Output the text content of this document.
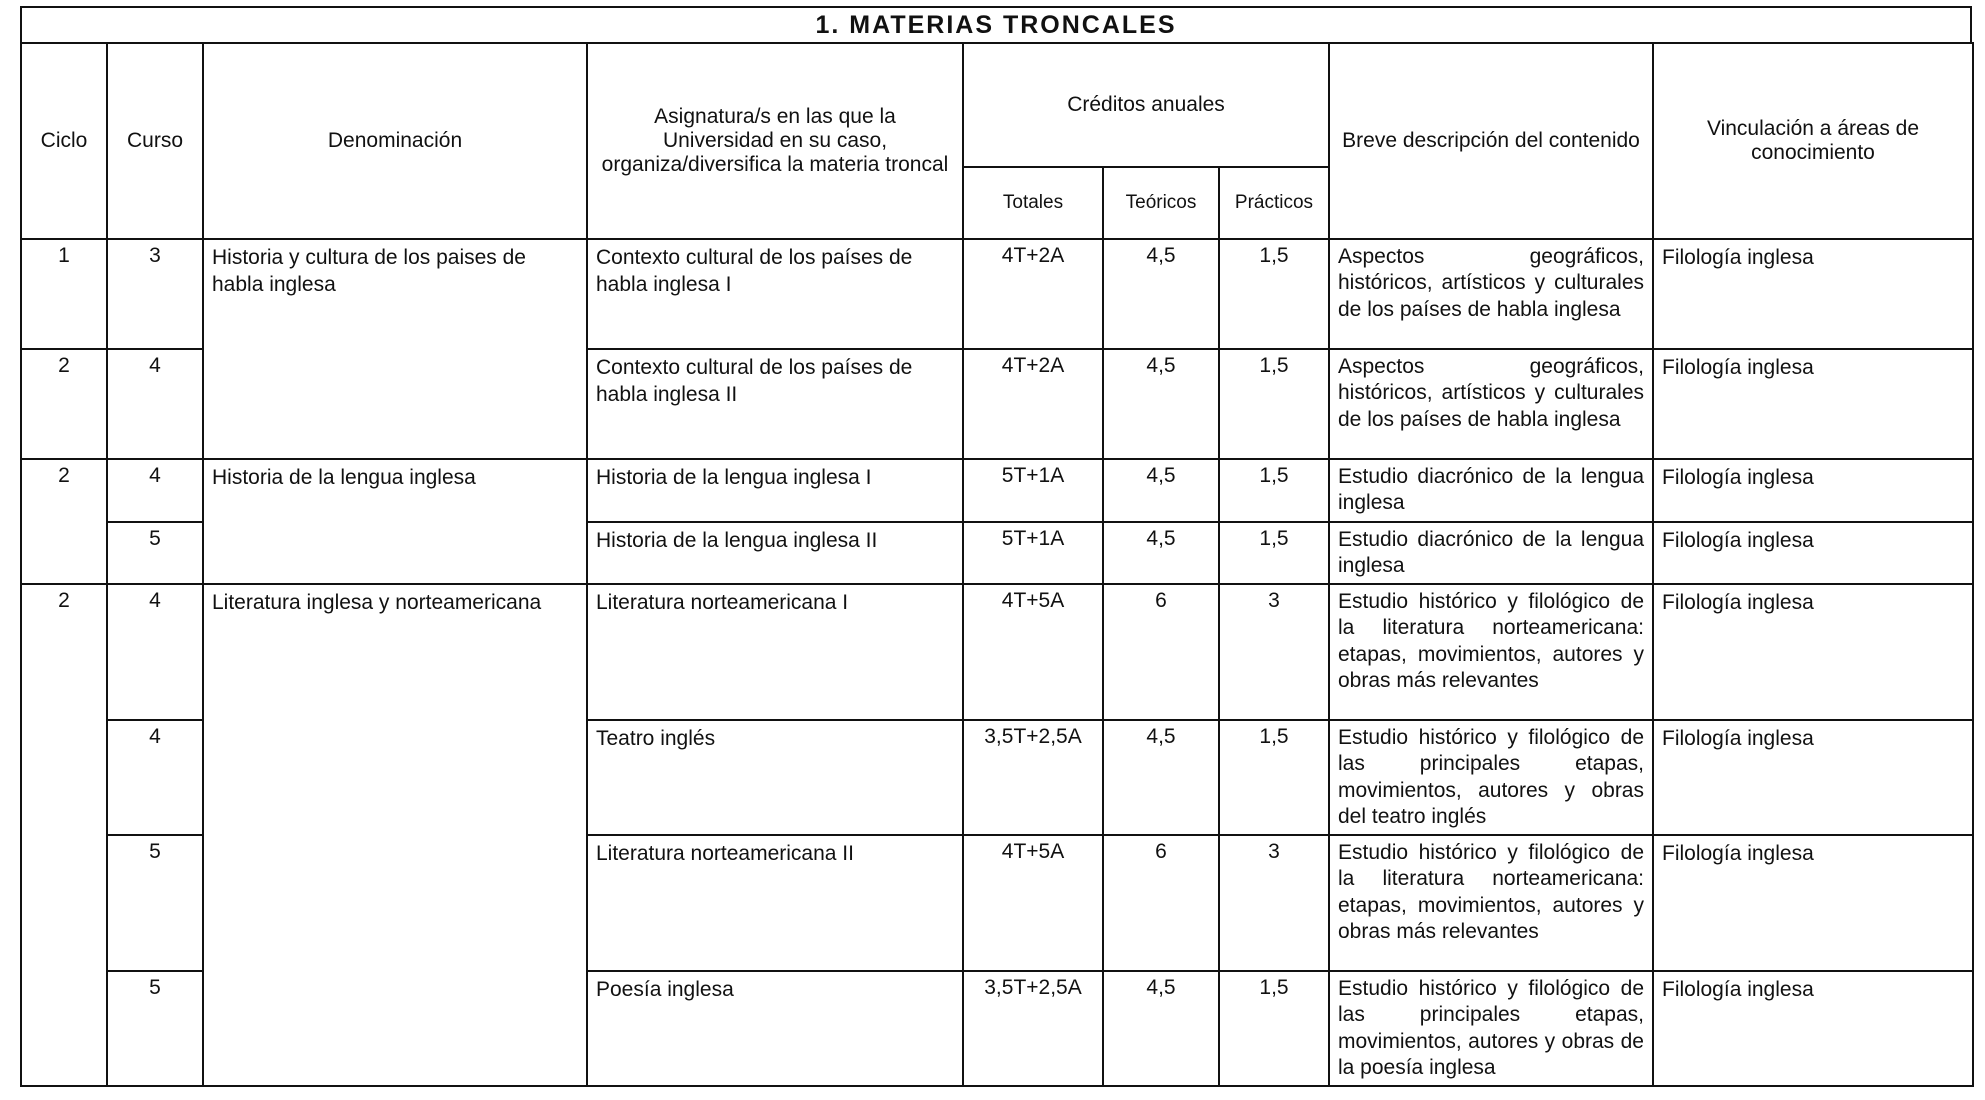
1. MATERIAS TRONCALES
Ciclo	Curso	Denominación	Asignatura/s en las que la Universidad en su caso, organiza/diversifica la materia troncal	Créditos anuales			Breve descripción del contenido	Vinculación a áreas de conocimiento
				Totales	Teóricos	Prácticos		
1	3	Historia y cultura de los paises de habla inglesa	Contexto cultural de los países de habla inglesa I	4T+2A	4,5	1,5	Aspectos geográficos, históricos, artísticos y culturales de los países de habla inglesa	Filología inglesa
2	4		Contexto cultural de los países de habla inglesa II	4T+2A	4,5	1,5	Aspectos geográficos, históricos, artísticos y culturales de los países de habla inglesa	Filología inglesa
2	4	Historia de la lengua inglesa	Historia de la lengua inglesa I	5T+1A	4,5	1,5	Estudio diacrónico de la lengua inglesa	Filología inglesa
	5		Historia de la lengua inglesa II	5T+1A	4,5	1,5	Estudio diacrónico de la lengua inglesa	Filología inglesa
2	4	Literatura inglesa y norteamericana	Literatura norteamericana I	4T+5A	6	3	Estudio histórico y filológico de la literatura norteamericana: etapas, movimientos, autores y obras más relevantes	Filología inglesa
	4		Teatro inglés	3,5T+2,5A	4,5	1,5	Estudio histórico y filológico de las principales etapas, movimientos, autores y obras del teatro inglés	Filología inglesa
	5		Literatura norteamericana II	4T+5A	6	3	Estudio histórico y filológico de la literatura norteamericana: etapas, movimientos, autores y obras más relevantes	Filología inglesa
	5		Poesía inglesa	3,5T+2,5A	4,5	1,5	Estudio histórico y filológico de las principales etapas, movimientos, autores y obras de la poesía inglesa	Filología inglesa
